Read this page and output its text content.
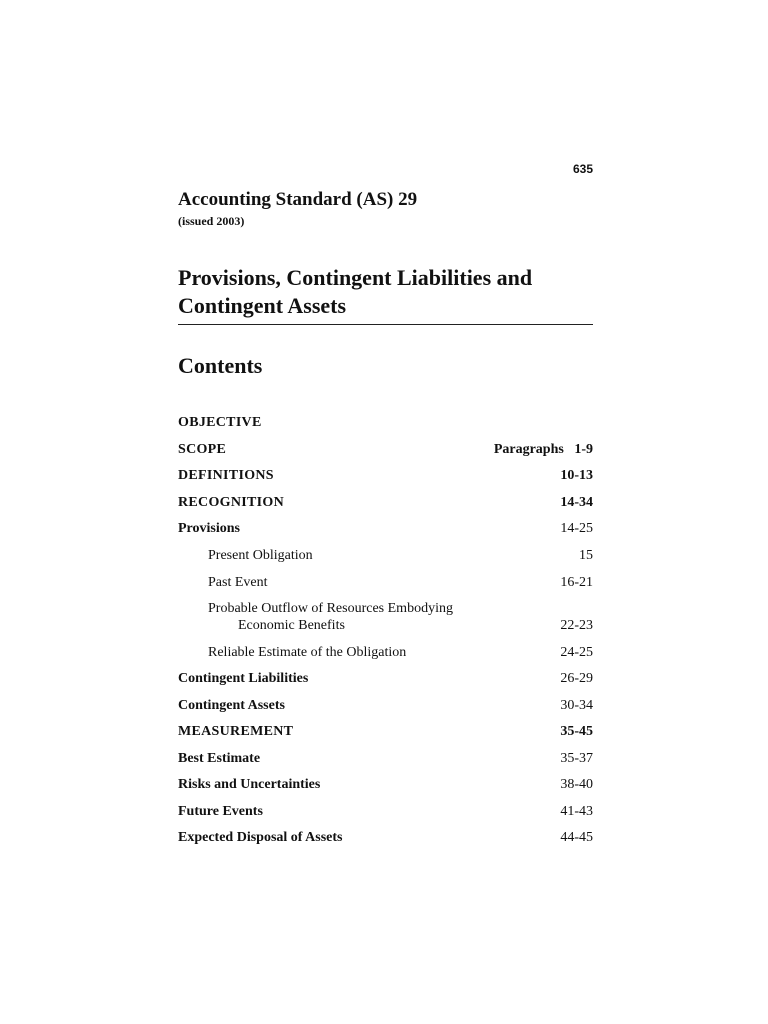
635
Accounting Standard (AS) 29
(issued 2003)
Provisions, Contingent Liabilities and
Contingent Assets
Contents
OBJECTIVE
SCOPE	Paragraphs 1-9
DEFINITIONS	10-13
RECOGNITION	14-34
Provisions	14-25
Present Obligation	15
Past Event	16-21
Probable Outflow of Resources Embodying
Economic Benefits	22-23
Reliable Estimate of the Obligation	24-25
Contingent Liabilities	26-29
Contingent Assets	30-34
MEASUREMENT	35-45
Best Estimate	35-37
Risks and Uncertainties	38-40
Future Events	41-43
Expected Disposal of Assets	44-45
